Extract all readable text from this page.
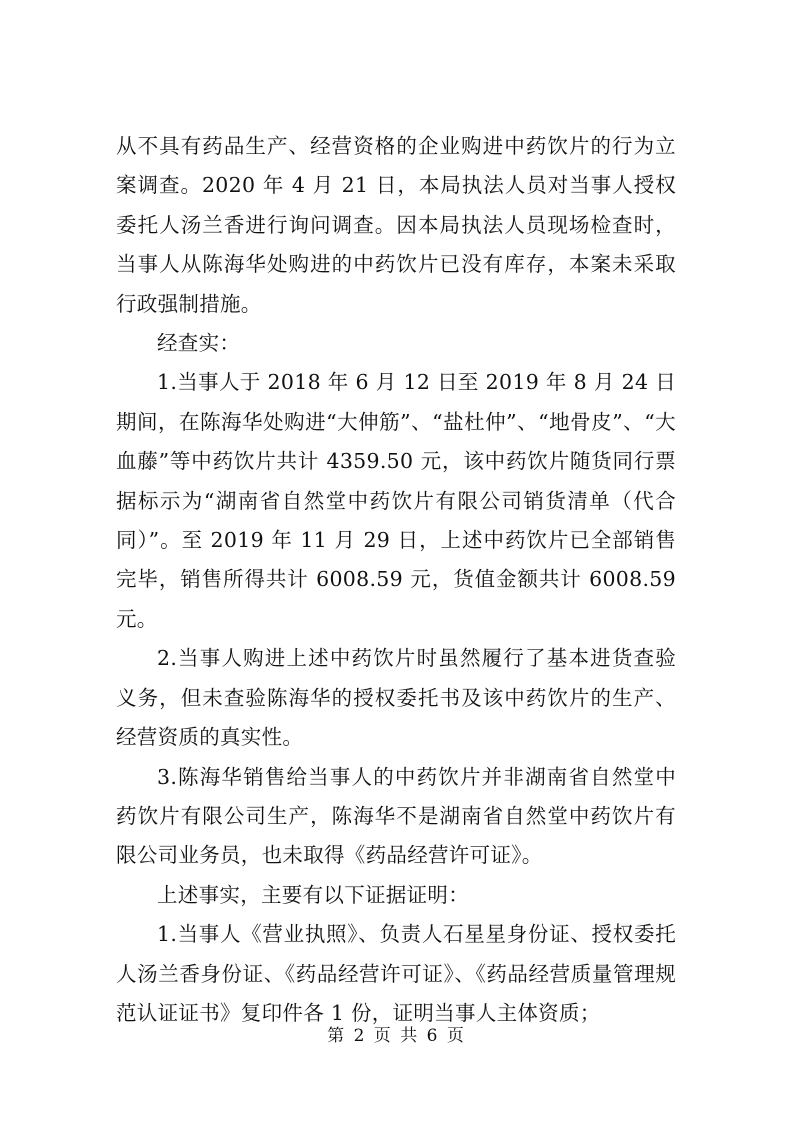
从不具有药品生产、经营资格的企业购进中药饮片的行为立案调查。2020 年 4 月 21 日，本局执法人员对当事人授权委托人汤兰香进行询问调查。因本局执法人员现场检查时，当事人从陈海华处购进的中药饮片已没有库存，本案未采取行政强制措施。

经查实：

1.当事人于 2018 年 6 月 12 日至 2019 年 8 月 24 日期间，在陈海华处购进“大伸筋”、“盐杜仲”、“地骨皮”、“大血藤”等中药饮片共计 4359.50 元，该中药饮片随货同行票据标示为“湖南省自然堂中药饮片有限公司销货清单（代合同）”。至 2019 年 11 月 29 日，上述中药饮片已全部销售完毕，销售所得共计 6008.59 元，货值金额共计 6008.59 元。

2.当事人购进上述中药饮片时虽然履行了基本进货查验义务，但未查验陈海华的授权委托书及该中药饮片的生产、经营资质的真实性。

3.陈海华销售给当事人的中药饮片并非湖南省自然堂中药饮片有限公司生产，陈海华不是湖南省自然堂中药饮片有限公司业务员，也未取得《药品经营许可证》。

上述事实，主要有以下证据证明：

1.当事人《营业执照》、负责人石星星身份证、授权委托人汤兰香身份证、《药品经营许可证》、《药品经营质量管理规范认证证书》复印件各 1 份，证明当事人主体资质；

第 2 页 共 6 页
